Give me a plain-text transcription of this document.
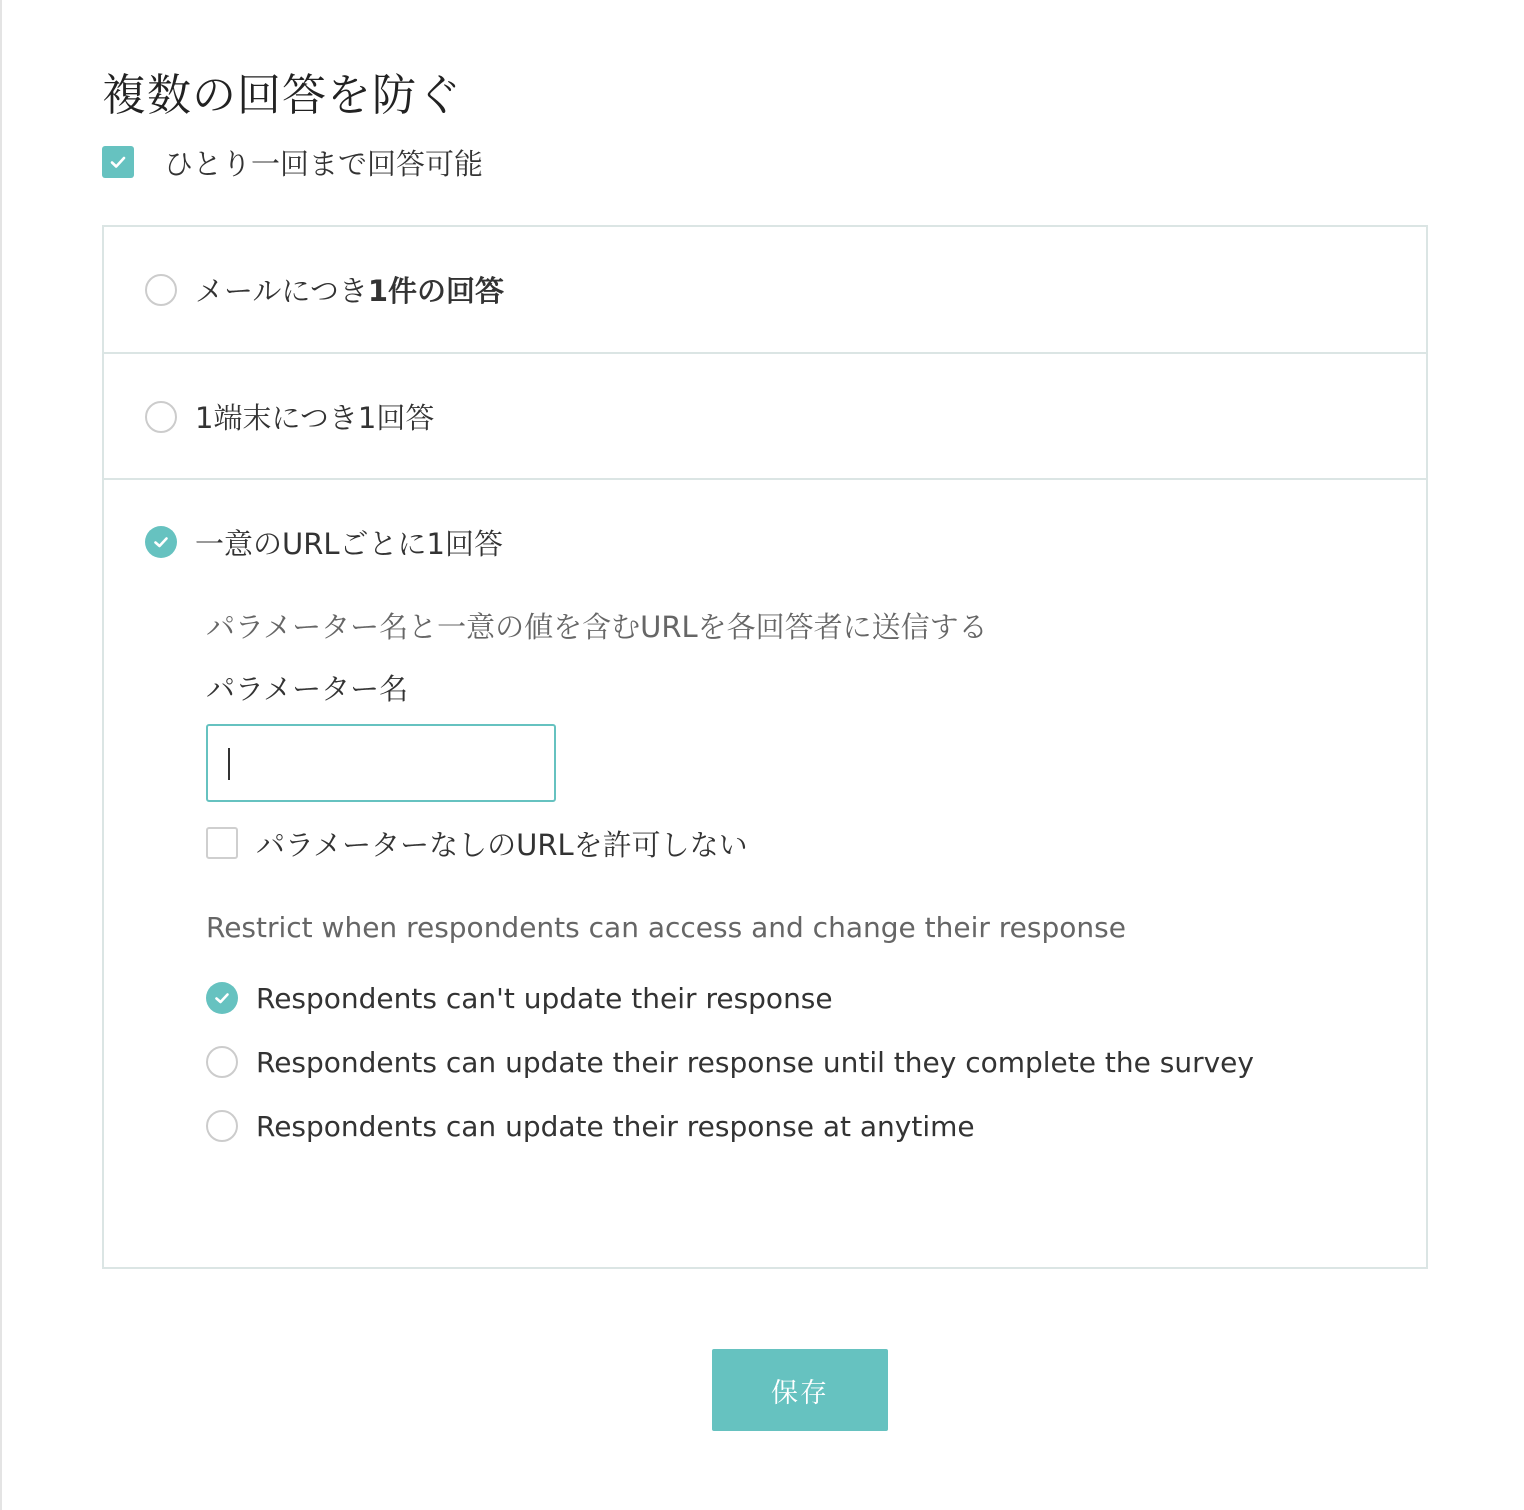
複数の回答を防ぐ
ひとり一回まで回答可能
メールにつき1件の回答
1端末につき1回答
一意のURLごとに1回答
パラメーター名と一意の値を含むURLを各回答者に送信する
パラメーター名
パラメーターなしのURLを許可しない
Restrict when respondents can access and change their response
Respondents can't update their response
Respondents can update their response until they complete the survey
Respondents can update their response at anytime
保存
